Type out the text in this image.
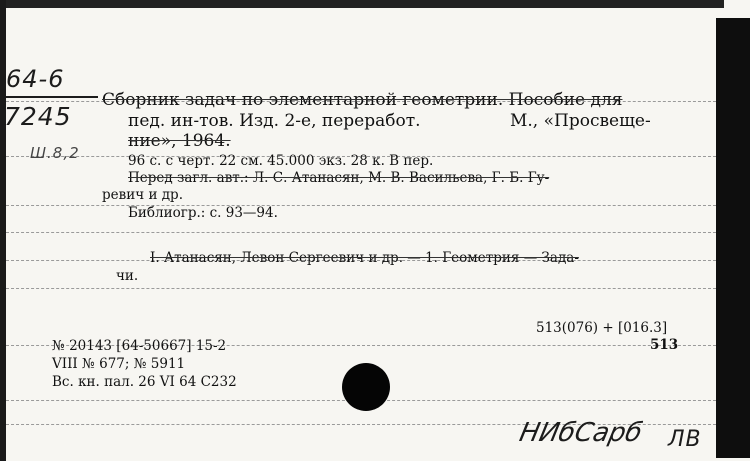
64-6
7245
Ш.8,2
Сборник задач по элементарной геометрии. Пособие для
пед. ин-тов. Изд. 2-е, переработ.	М., «Просвеще-
ние», 1964.
96 с. с черт. 22 см. 45.000 экз. 28 к. В пер.
Перед загл. авт.: Л. С. Атанасян, М. В. Васильева, Г. Б. Гу-
ревич и др.
Библиогр.: с. 93—94.
I. Атанасян, Левон Сергеевич и др. — 1. Геометрия — Зада-
чи.
513(076) + [016.3]
513
№ 20143 [64-50667] 15-2
VIII № 677; № 5911
Вс. кн. пал. 26 VI 64 C232
НИбСарб ЛВ
